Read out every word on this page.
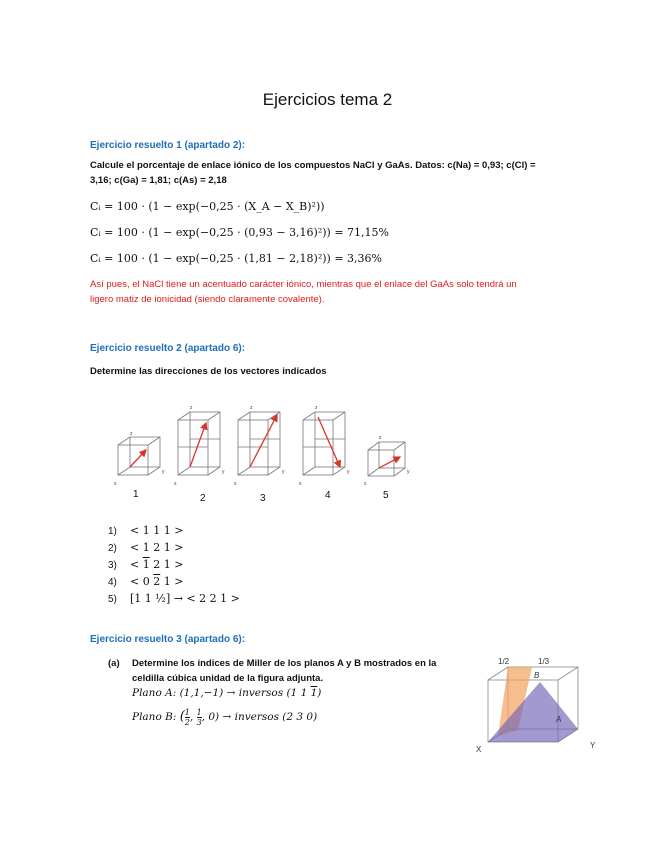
Ejercicios tema 2
Ejercicio resuelto 1 (apartado 2):
Calcule el porcentaje de enlace iónico de los compuestos NaCl y GaAs. Datos: c(Na) = 0,93; c(Cl) =
3,16; c(Ga) = 1,81; c(As) = 2,18
Cᵢ = 100 · (1 − exp(−0,25 · (X_A − X_B)²))
Cᵢ = 100 · (1 − exp(−0,25 · (0,93 − 3,16)²)) = 71,15%
Cᵢ = 100 · (1 − exp(−0,25 · (1,81 − 2,18)²)) = 3,36%
Así pues, el NaCl tiene un acentuado carácter iónico, mientras que el enlace del GaAs solo tendrá un
ligero matiz de ionicidad (siendo claramente covalente).
Ejercicio resuelto 2 (apartado 6):
Determine las direcciones de los vectores indicados
z
x
y
z
x
y
z
x
y
z
x
y
z
x
y
1	2	3	4	5
1) < 1 1 1 >
2) < 1 2 1 >
3) < 1 2 1 >
4) < 0 2 1 >
5) [1 1 ½] → < 2 2 1 >
Ejercicio resuelto 3 (apartado 6):
(a) Determine los índices de Miller de los planos A y B mostrados en la
celdilla cúbica unidad de la figura adjunta.
Plano A: (1,1,−1) → inversos (1 1 1)
Plano B: ( $\frac{1}{2}$ , $\frac{1}{3}$ , 0) → inversos (2 3 0)
1/2	1/3
B
A
X	Y
